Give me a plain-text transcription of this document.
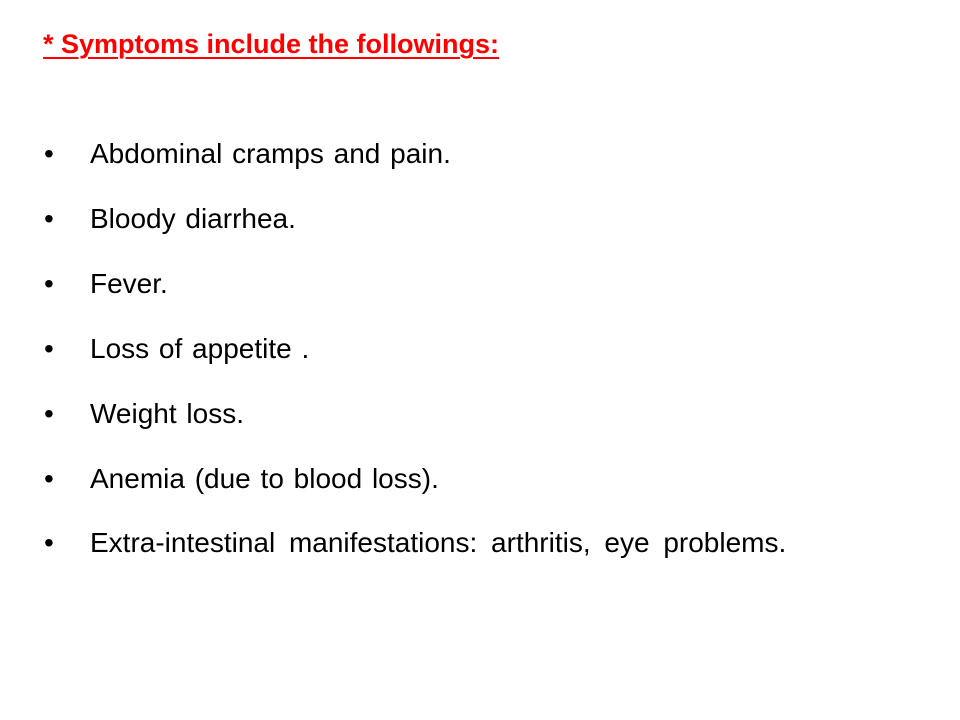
* Symptoms include the followings:
• Abdominal cramps and pain.
• Bloody diarrhea.
• Fever.
• Loss of appetite .
• Weight loss.
• Anemia (due to blood loss).
• Extra-intestinal manifestations: arthritis, eye problems.
